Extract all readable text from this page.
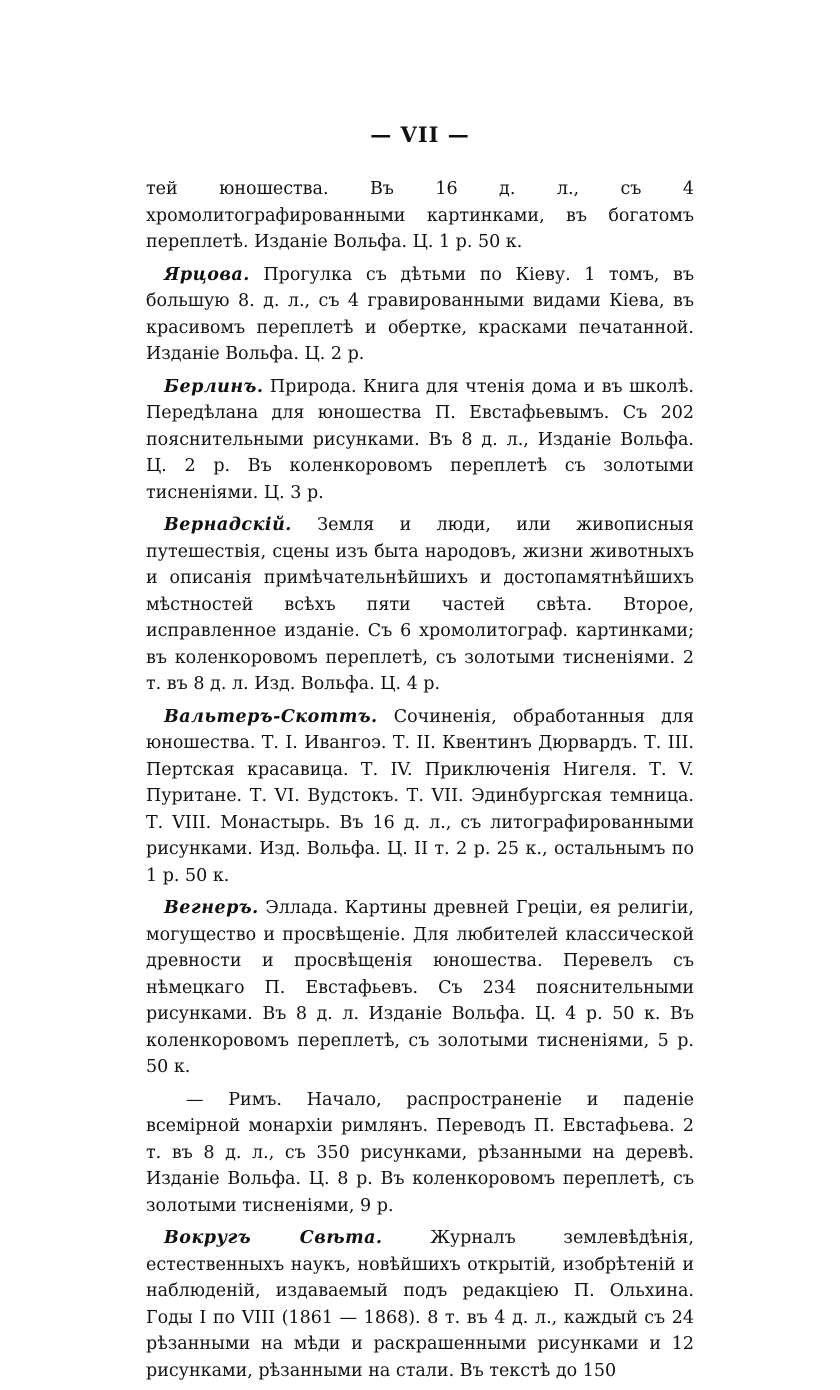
— VII —

тей юношества. Въ 16 д. л., съ 4 хромолитографированными картинками, въ богатомъ переплетѣ. Изданіе Вольфа. Ц. 1 р. 50 к.

Ярцова. Прогулка съ дѣтьми по Кіеву. 1 томъ, въ большую 8. д. л., съ 4 гравированными видами Кіева, въ красивомъ переплетѣ и обертке, красками печатанной. Изданіе Вольфа. Ц. 2 р.

Берлинъ. Природа. Книга для чтенія дома и въ школѣ. Передѣлана для юношества П. Евстафьевымъ. Съ 202 пояснительными рисунками. Въ 8 д. л., Изданіе Вольфа. Ц. 2 р. Въ коленкоровомъ переплетѣ съ золотыми тисненіями. Ц. 3 р.

Вернадскій. Земля и люди, или живописныя путешествія, сцены изъ быта народовъ, жизни животныхъ и описанія примѣчательнѣйшихъ и достопамятнѣйшихъ мѣстностей всѣхъ пяти частей свѣта. Второе, исправленное изданіе. Съ 6 хромолитограф. картинками; въ коленкоровомъ переплетѣ, съ золотыми тисненіями. 2 т. въ 8 д. л. Изд. Вольфа. Ц. 4 р.

Вальтеръ-Скоттъ. Сочиненія, обработанныя для юношества. Т. I. Ивангоэ. Т. II. Квентинъ Дюрвардъ. Т. III. Пертская красавица. Т. IV. Приключенія Нигеля. Т. V. Пуритане. Т. VI. Вудстокъ. Т. VII. Эдинбургская темница. Т. VIII. Монастырь. Въ 16 д. л., съ литографированными рисунками. Изд. Вольфа. Ц. II т. 2 р. 25 к., остальнымъ по 1 р. 50 к.

Вегнеръ. Эллада. Картины древней Греціи, ея религіи, могущество и просвѣщеніе. Для любителей классической древности и просвѣщенія юношества. Перевелъ съ нѣмецкаго П. Евстафьевъ. Съ 234 пояснительными рисунками. Въ 8 д. л. Изданіе Вольфа. Ц. 4 р. 50 к. Въ коленкоровомъ переплетѣ, съ золотыми тисненіями, 5 р. 50 к.

— Римъ. Начало, распространеніе и паденіе всемірной монархіи римлянъ. Переводъ П. Евстафьева. 2 т. въ 8 д. л., съ 350 рисунками, рѣзанными на деревѣ. Изданіе Вольфа. Ц. 8 р. Въ коленкоровомъ переплетѣ, съ золотыми тисненіями, 9 р.

Вокругъ Свѣта.	Журналъ землевѣдѣнія, естественныхъ наукъ, новѣйшихъ открытій, изобрѣтеній и наблюденій, издаваемый подъ редакціею П. Ольхина. Годы I по VIII (1861 — 1868). 8 т. въ 4 д. л., каждый съ 24 рѣзанными на мѣди и раскрашенными рисунками и 12 рисунками, рѣзанными на стали. Въ текстѣ до 150
